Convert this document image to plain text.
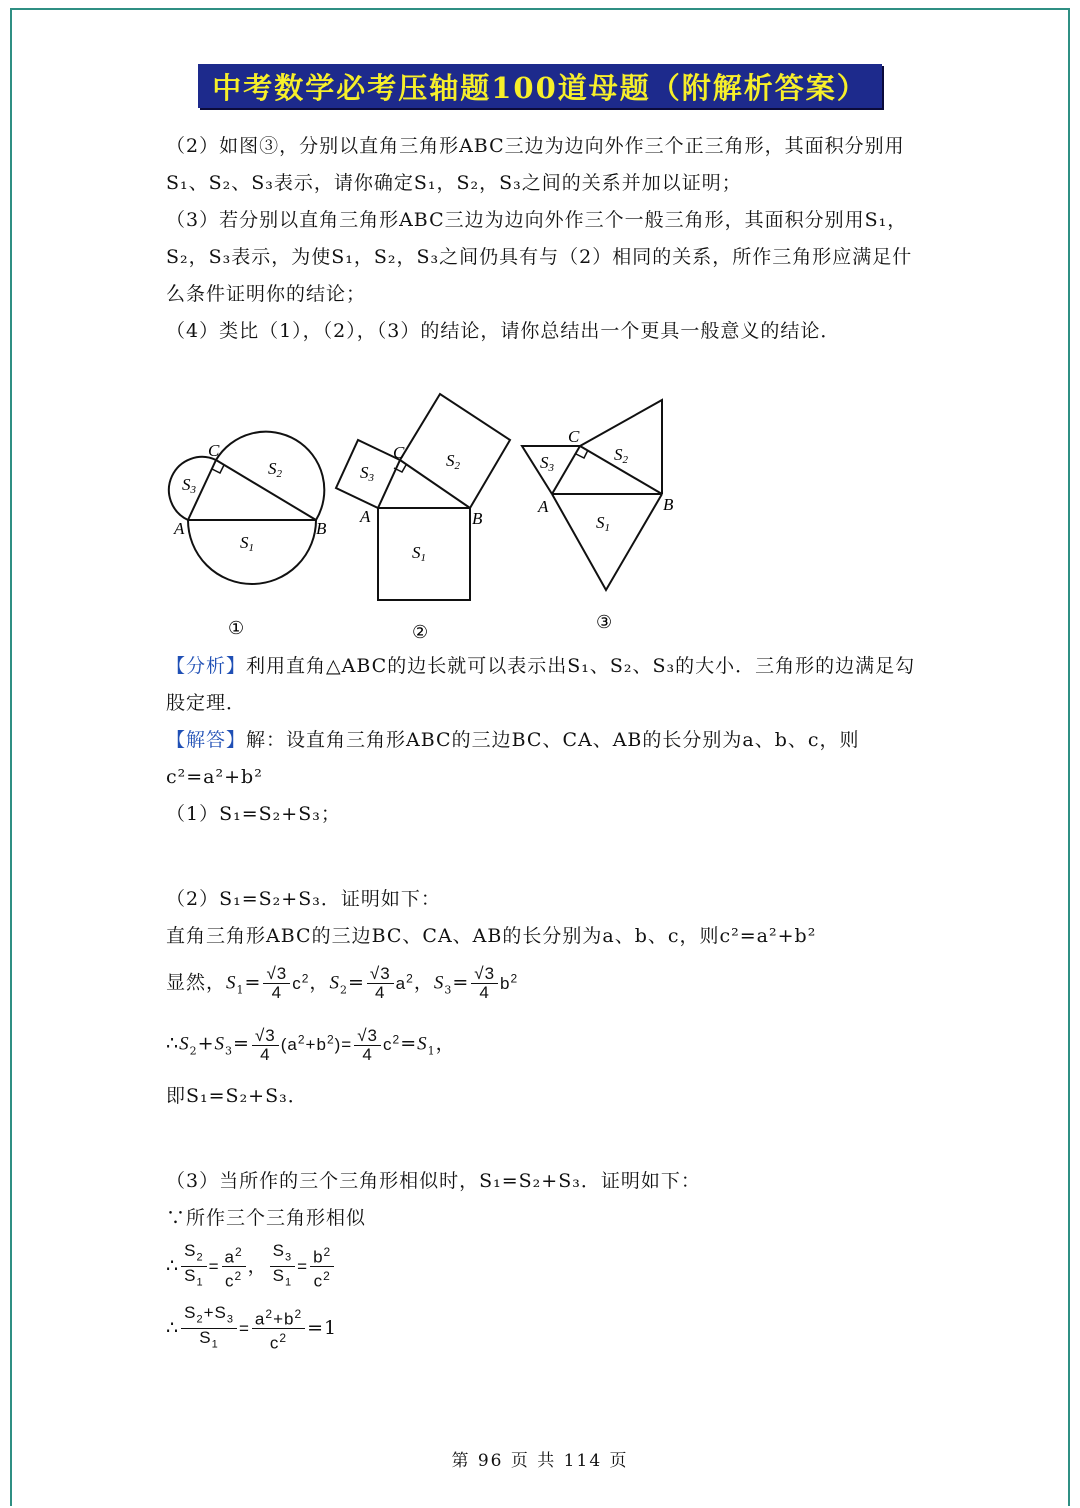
中考数学必考压轴题100道母题（附解析答案）

（2）如图③，分别以直角三角形ABC三边为边向外作三个正三角形，其面积分别用S₁、S₂、S₃表示，请你确定S₁，S₂，S₃之间的关系并加以证明；

（3）若分别以直角三角形ABC三边为边向外作三个一般三角形，其面积分别用S₁，S₂，S₃表示，为使S₁，S₂，S₃之间仍具有与（2）相同的关系，所作三角形应满足什么条件证明你的结论；

（4）类比（1），（2），（3）的结论，请你总结出一个更具一般意义的结论．

A	B
C
S1
S2
S3
A	B
C
S1
S2
S3
A	B
C
S1
S2
S3
①	②	③

【分析】利用直角△ABC的边长就可以表示出S₁、S₂、S₃的大小．三角形的边满足勾股定理．

【解答】解：设直角三角形ABC的三边BC、CA、AB的长分别为a、b、c，则c²=a²+b²

（1）S₁=S₂+S₃；

（2）S₁=S₂+S₃．证明如下：

直角三角形ABC的三边BC、CA、AB的长分别为a、b、c，则c²=a²+b²

显然，$S_1= \frac{√3}{4} c^2$，$S_2= \frac{√3}{4} a^2$，$S_3= \frac{√3}{4} b^2$

$\therefore S_2+S_3= \frac{√3}{4} (a^2+b^2)= \frac{√3}{4} c^2=S_1$，

即S₁=S₂+S₃．

（3）当所作的三个三角形相似时，S₁=S₂+S₃．证明如下：

∵所作三个三角形相似

∴ $\frac{S_2}{S_1} = \frac{a^2}{c^2}$ ， $\frac{S_3}{S_1} = \frac{b^2}{c^2}$

∴ $\frac{S_2+S_3}{S_1} = \frac{a^2+b^2}{c^2} =1$

第 96 页 共 114 页
